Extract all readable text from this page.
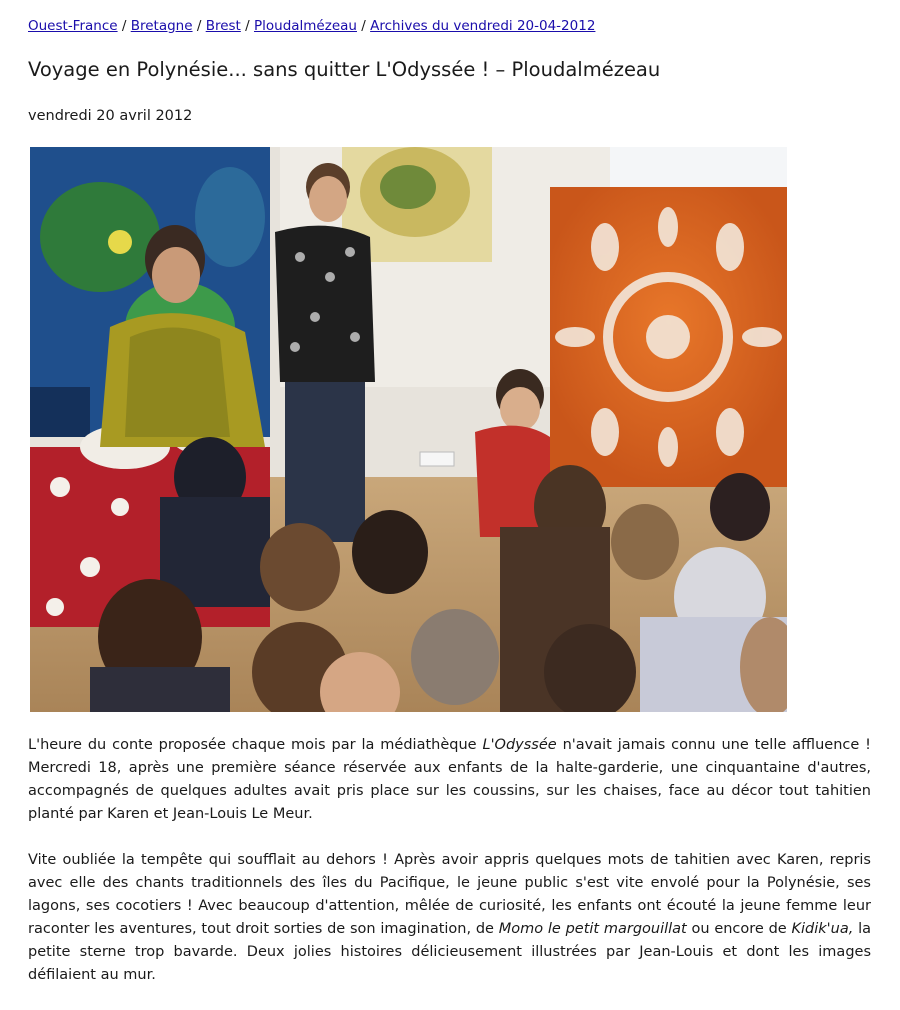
Ouest-France / Bretagne / Brest / Ploudalmézeau / Archives du vendredi 20-04-2012
Voyage en Polynésie... sans quitter L'Odyssée ! – Ploudalmézeau
vendredi 20 avril 2012

L'heure du conte proposée chaque mois par la médiathèque L'Odyssée n'avait jamais connu une telle affluence ! Mercredi 18, après une première séance réservée aux enfants de la halte-garderie, une cinquantaine d'autres, accompagnés de quelques adultes avait pris place sur les coussins, sur les chaises, face au décor tout tahitien planté par Karen et Jean-Louis Le Meur.

Vite oubliée la tempête qui soufflait au dehors ! Après avoir appris quelques mots de tahitien avec Karen, repris avec elle des chants traditionnels des îles du Pacifique, le jeune public s'est vite envolé pour la Polynésie, ses lagons, ses cocotiers ! Avec beaucoup d'attention, mêlée de curiosité, les enfants ont écouté la jeune femme leur raconter les aventures, tout droit sorties de son imagination, de Momo le petit margouillat ou encore de Kidik'ua, la petite sterne trop bavarde. Deux jolies histoires délicieusement illustrées par Jean-Louis et dont les images défilaient au mur.
